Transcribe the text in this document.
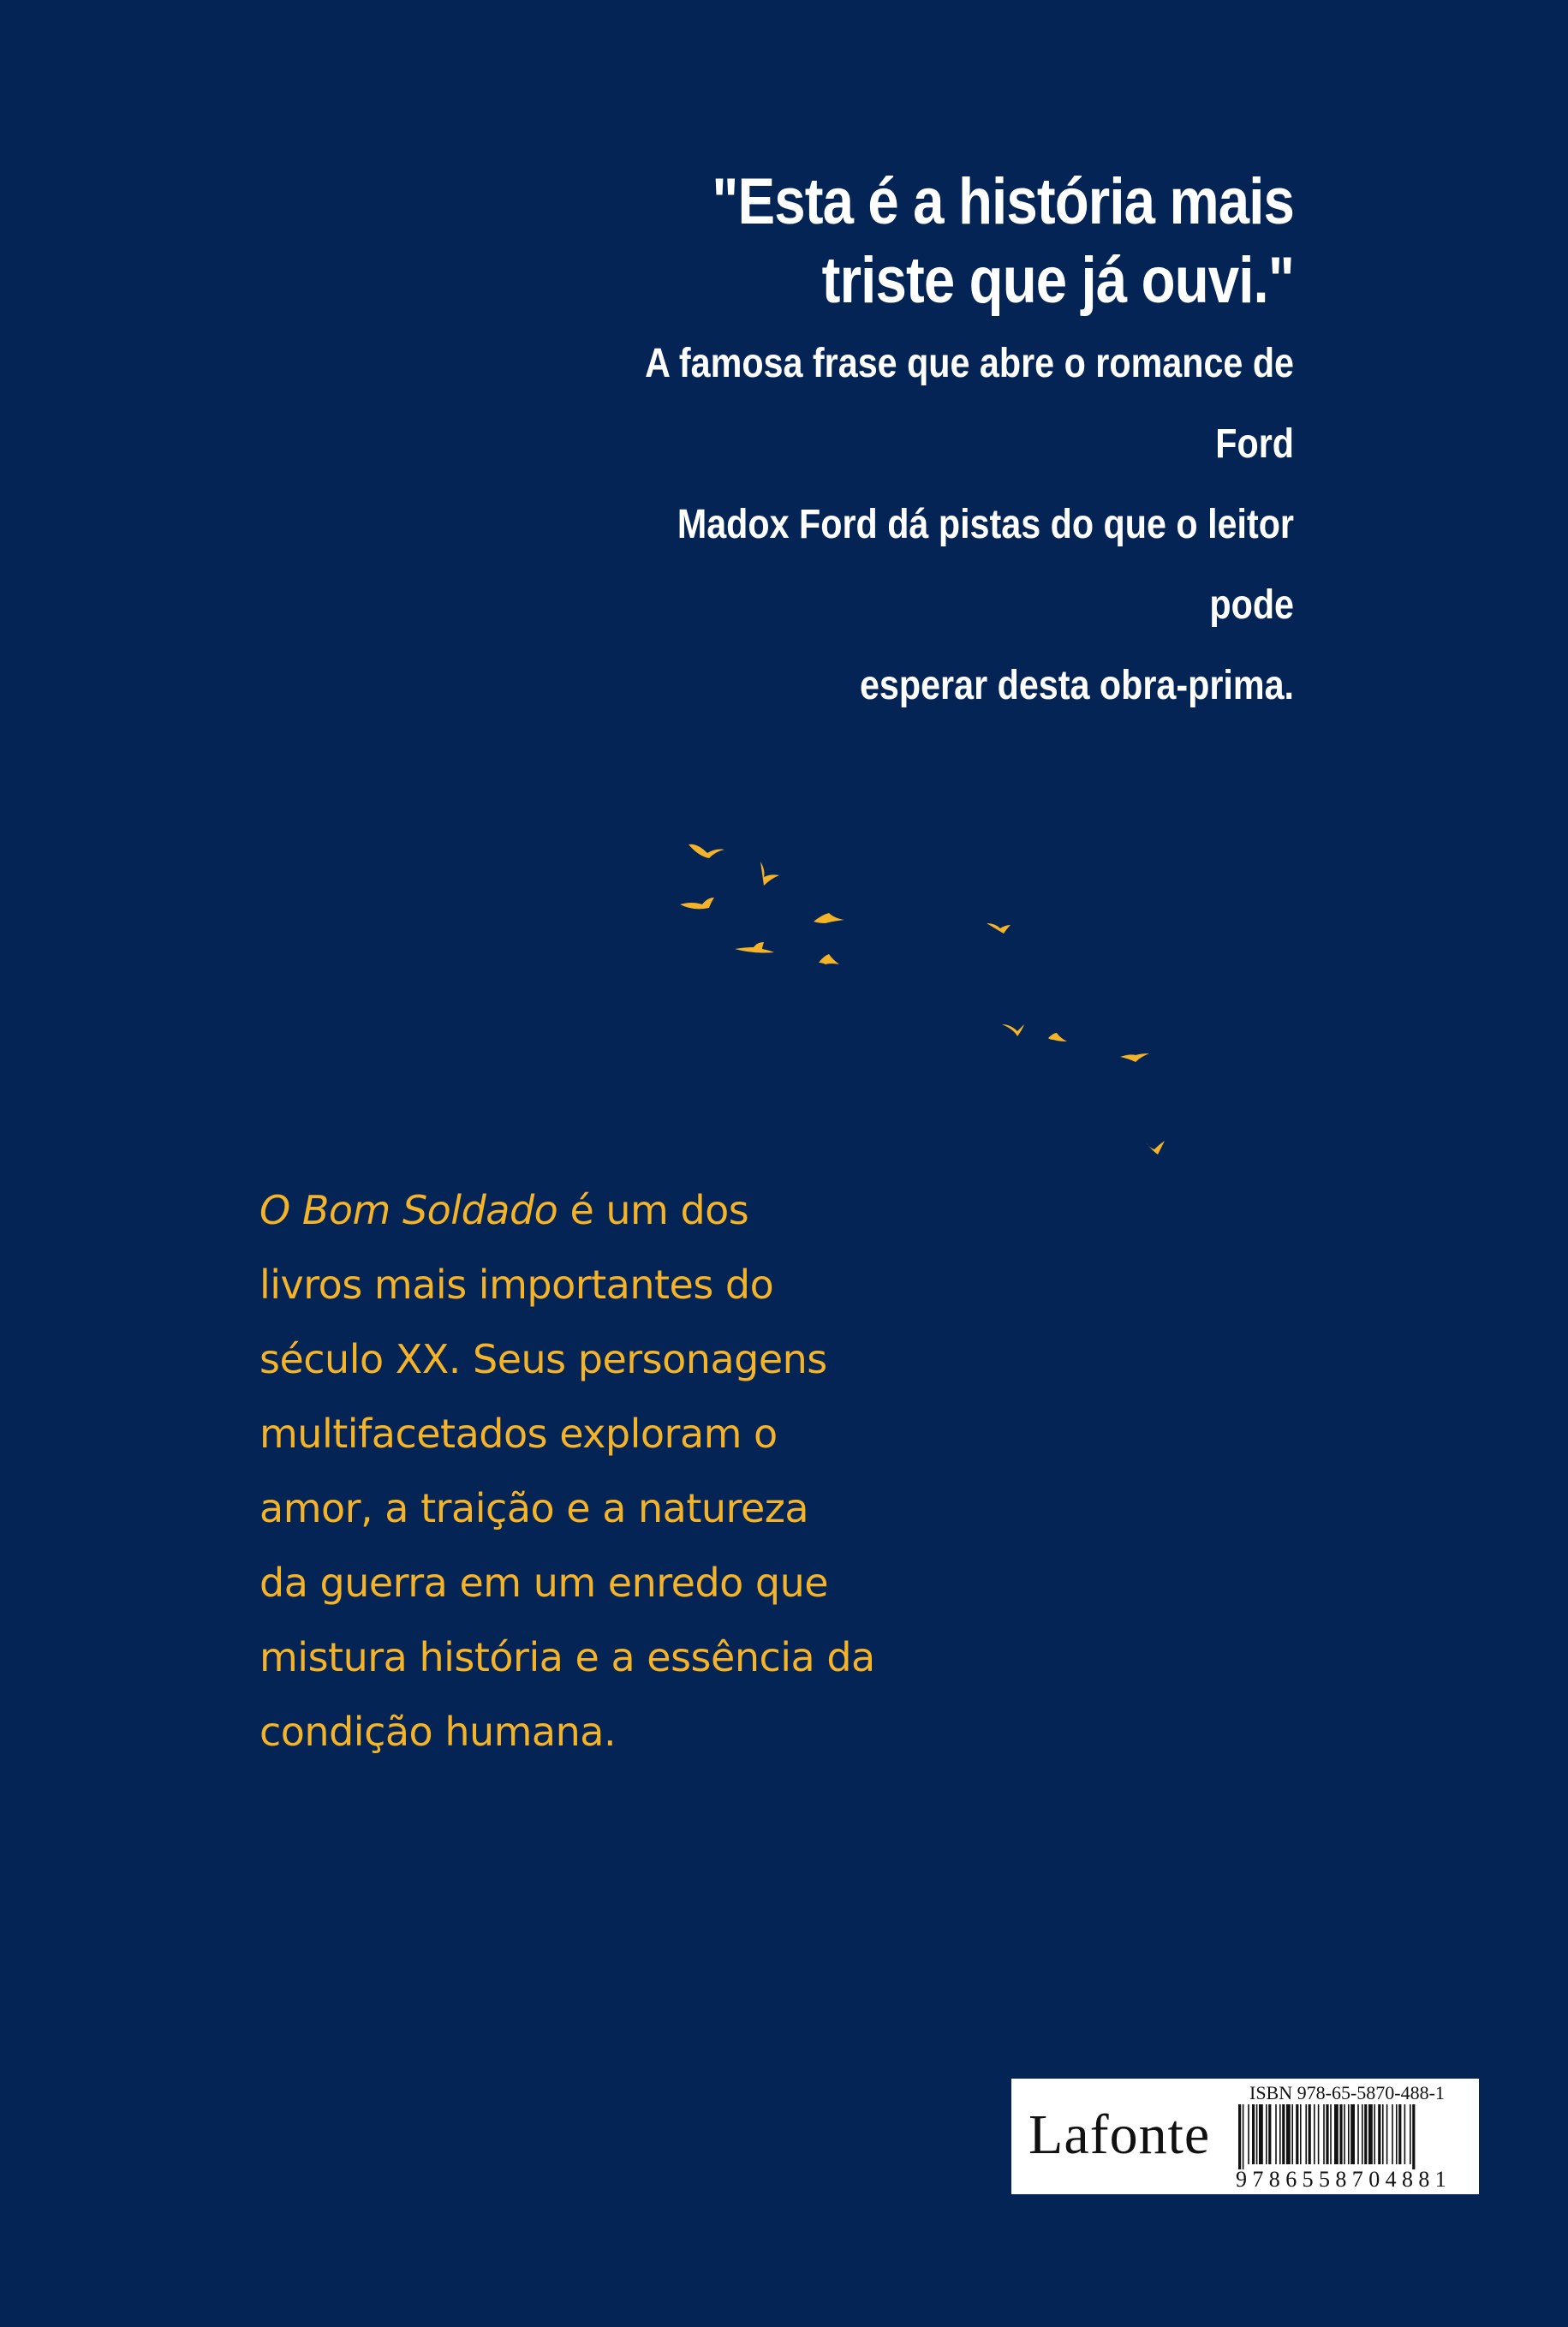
"Esta é a história mais
triste que já ouvi."
A famosa frase que abre o romance de Ford
Madox Ford dá pistas do que o leitor pode
esperar desta obra-prima.
O Bom Soldado é um dos
livros mais importantes do
século XX. Seus personagens
multifacetados exploram o
amor, a traição e a natureza
da guerra em um enredo que
mistura história e a essência da
condição humana.
Lafonte
ISBN 978-65-5870-488-1
9786558704881
